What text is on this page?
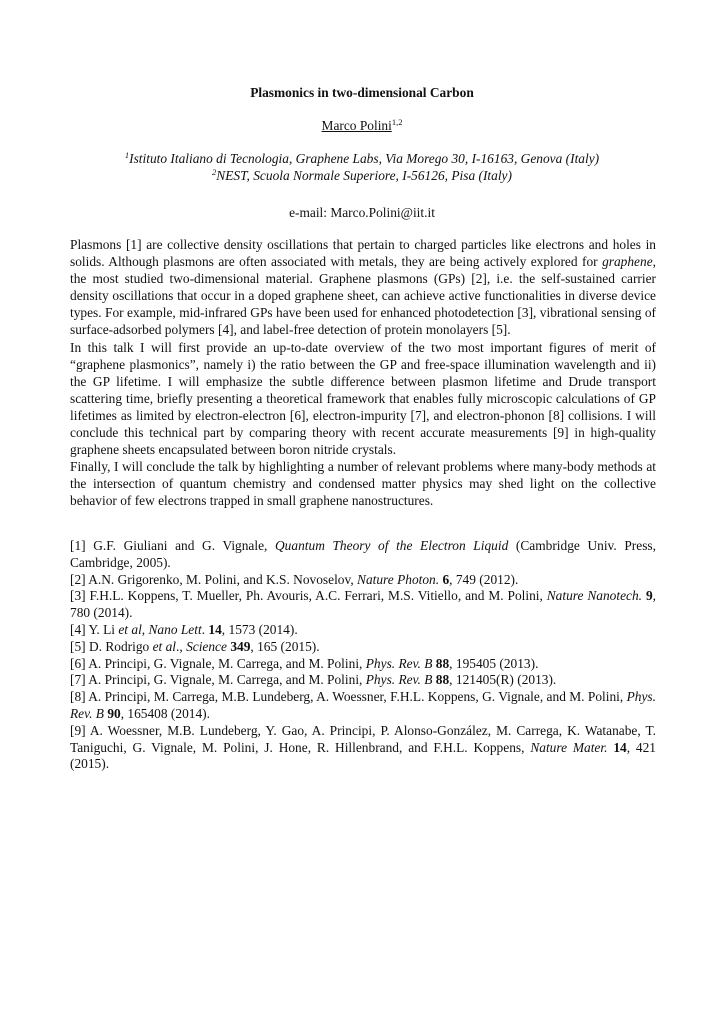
Plasmonics in two-dimensional Carbon
Marco Polini$^{1,2}$
$^1$Istituto Italiano di Tecnologia, Graphene Labs, Via Morego 30, I-16163, Genova (Italy)
$^2$NEST, Scuola Normale Superiore, I-56126, Pisa (Italy)
e-mail: Marco.Polini@iit.it

Plasmons [1] are collective density oscillations that pertain to charged particles like electrons and holes in solids. Although plasmons are often associated with metals, they are being actively explored for graphene, the most studied two-dimensional material. Graphene plasmons (GPs) [2], i.e. the self-sustained carrier density oscillations that occur in a doped graphene sheet, can achieve active functionalities in diverse device types. For example, mid-infrared GPs have been used for enhanced photodetection [3], vibrational sensing of surface-adsorbed polymers [4], and label-free detection of protein monolayers [5].

In this talk I will first provide an up-to-date overview of the two most important figures of merit of “graphene plasmonics”, namely i) the ratio between the GP and free-space illumination wavelength and ii) the GP lifetime. I will emphasize the subtle difference between plasmon lifetime and Drude transport scattering time, briefly presenting a theoretical framework that enables fully microscopic calculations of GP lifetimes as limited by electron-electron [6], electron-impurity [7], and electron-phonon [8] collisions. I will conclude this technical part by comparing theory with recent accurate measurements [9] in high-quality graphene sheets encapsulated between boron nitride crystals.

Finally, I will conclude the talk by highlighting a number of relevant problems where many-body methods at the intersection of quantum chemistry and condensed matter physics may shed light on the collective behavior of few electrons trapped in small graphene nanostructures.

[1] G.F. Giuliani and G. Vignale, Quantum Theory of the Electron Liquid (Cambridge Univ. Press, Cambridge, 2005).
[2] A.N. Grigorenko, M. Polini, and K.S. Novoselov, Nature Photon. 6, 749 (2012).
[3] F.H.L. Koppens, T. Mueller, Ph. Avouris, A.C. Ferrari, M.S. Vitiello, and M. Polini, Nature Nanotech. 9, 780 (2014).
[4] Y. Li et al, Nano Lett. 14, 1573 (2014).
[5] D. Rodrigo et al., Science 349, 165 (2015).
[6] A. Principi, G. Vignale, M. Carrega, and M. Polini, Phys. Rev. B 88, 195405 (2013).
[7] A. Principi, G. Vignale, M. Carrega, and M. Polini, Phys. Rev. B 88, 121405(R) (2013).
[8] A. Principi, M. Carrega, M.B. Lundeberg, A. Woessner, F.H.L. Koppens, G. Vignale, and M. Polini, Phys. Rev. B 90, 165408 (2014).
[9] A. Woessner, M.B. Lundeberg, Y. Gao, A. Principi, P. Alonso-González, M. Carrega, K. Watanabe, T. Taniguchi, G. Vignale, M. Polini, J. Hone, R. Hillenbrand, and F.H.L. Koppens, Nature Mater. 14, 421 (2015).
